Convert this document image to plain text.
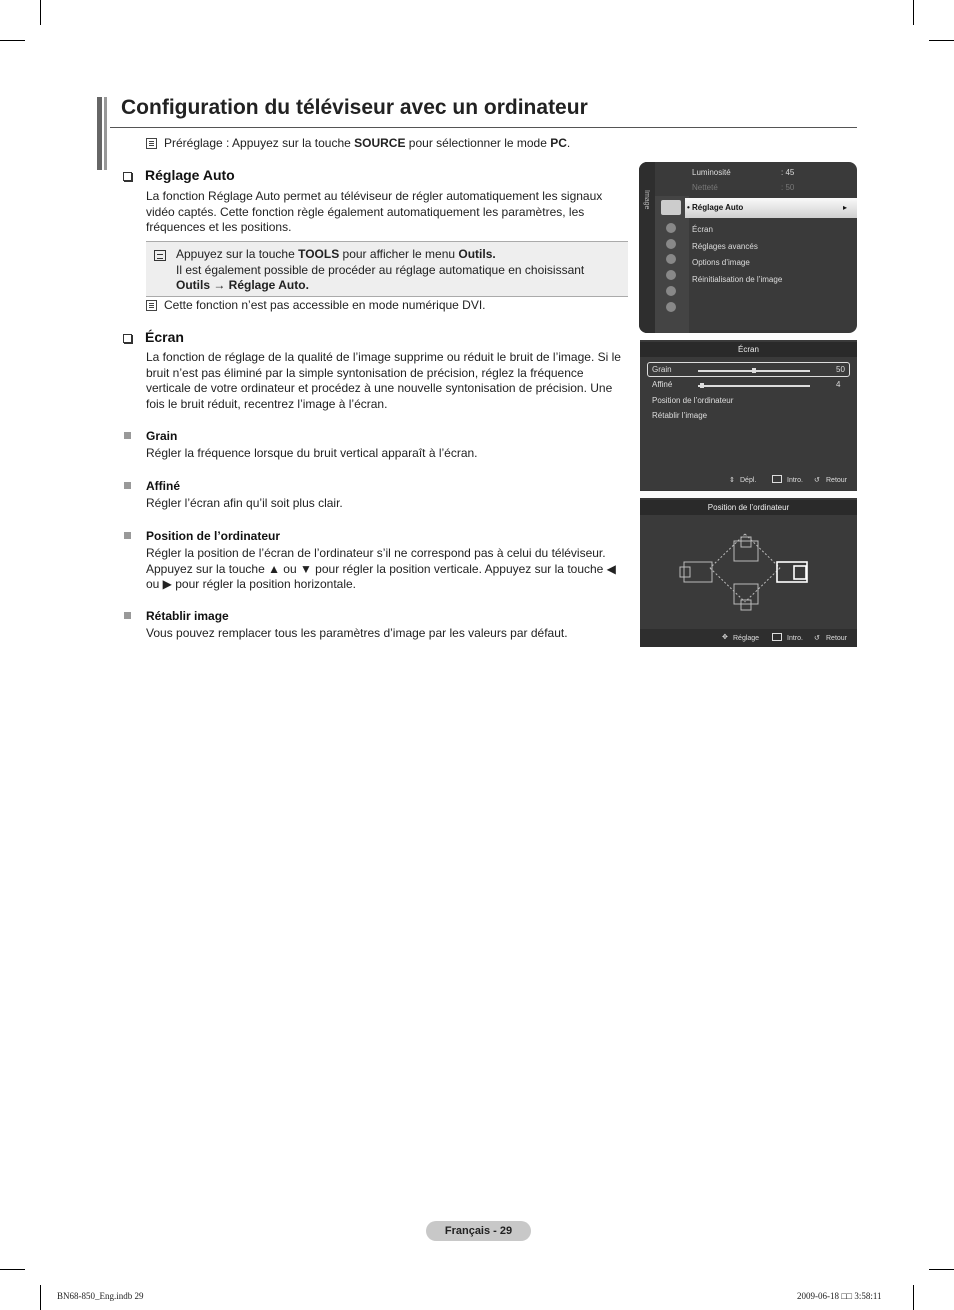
Configuration du téléviseur avec un ordinateur
Préréglage : Appuyez sur la touche SOURCE pour sélectionner le mode PC.
Réglage Auto
La fonction Réglage Auto permet au téléviseur de régler automatiquement les signaux vidéo captés. Cette fonction règle également automatiquement les paramètres, les fréquences et les positions.
Appuyez sur la touche TOOLS pour afficher le menu Outils.
Il est également possible de procéder au réglage automatique en choisissant
Outils → Réglage Auto.
Cette fonction n’est pas accessible en mode numérique DVI.
Écran
La fonction de réglage de la qualité de l’image supprime ou réduit le bruit de l’image. Si le bruit n’est pas éliminé par la simple syntonisation de précision, réglez la fréquence verticale de votre ordinateur et procédez à une nouvelle syntonisation de précision. Une fois le bruit réduit, recentrez l’image à l’écran.
Grain
Régler la fréquence lorsque du bruit vertical apparaît à l’écran.
Affiné
Régler l’écran afin qu’il soit plus clair.
Position de l’ordinateur
Régler la position de l’écran de l’ordinateur s’il ne correspond pas à celui du téléviseur. Appuyez sur la touche ▲ ou ▼ pour régler la position verticale. Appuyez sur la touche ◀ ou ▶ pour régler la position horizontale.
Rétablir image
Vous pouvez remplacer tous les paramètres d’image par les valeurs par défaut.
Image
Luminosité	: 45
Netteté	: 50
• Réglage Auto	▸
Écran
Réglages avancés
Options d’image
Réinitialisation de l’image
Écran
Grain	50
Affiné	4
Position de l’ordinateur
Rétablir l’image
⇕ Dépl.	Intro. ↺ Retour
Position de l’ordinateur
✥ Réglage	Intro. ↺ Retour
Français - 29
BN68-850_Eng.indb 29	2009-06-18 □□ 3:58:11
